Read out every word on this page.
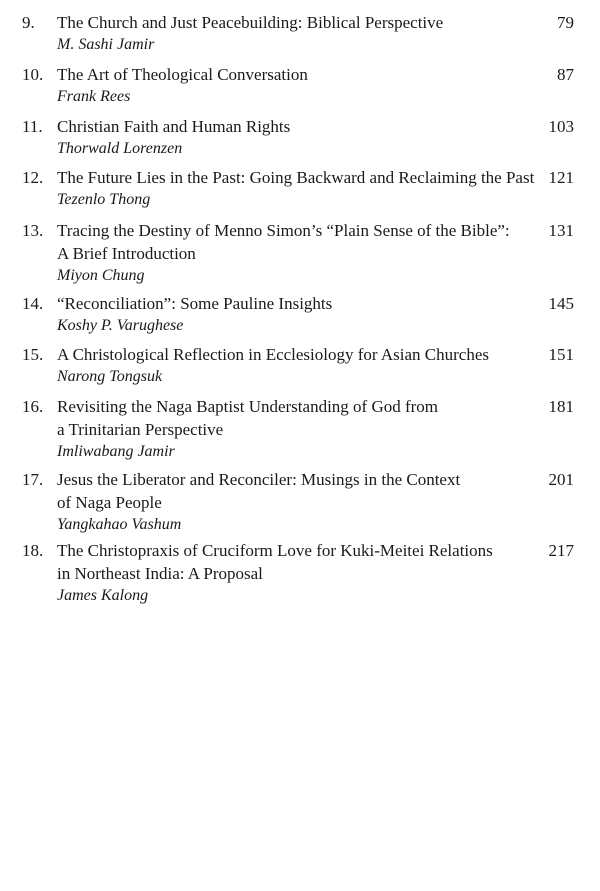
9. The Church and Just Peacebuilding: Biblical Perspective
M. Sashi Jamir
79
10. The Art of Theological Conversation
Frank Rees
87
11. Christian Faith and Human Rights
Thorwald Lorenzen
103
12. The Future Lies in the Past: Going Backward and Reclaiming the Past
Tezenlo Thong
121
13. Tracing the Destiny of Menno Simon’s “Plain Sense of the Bible”:
A Brief Introduction
Miyon Chung
131
14. “Reconciliation”: Some Pauline Insights
Koshy P. Varughese
145
15. A Christological Reflection in Ecclesiology for Asian Churches
Narong Tongsuk
151
16. Revisiting the Naga Baptist Understanding of God from
a Trinitarian Perspective
Imliwabang Jamir
181
17. Jesus the Liberator and Reconciler: Musings in the Context
of Naga People
Yangkahao Vashum
201
18. The Christopraxis of Cruciform Love for Kuki-Meitei Relations
in Northeast India: A Proposal
James Kalong
217
